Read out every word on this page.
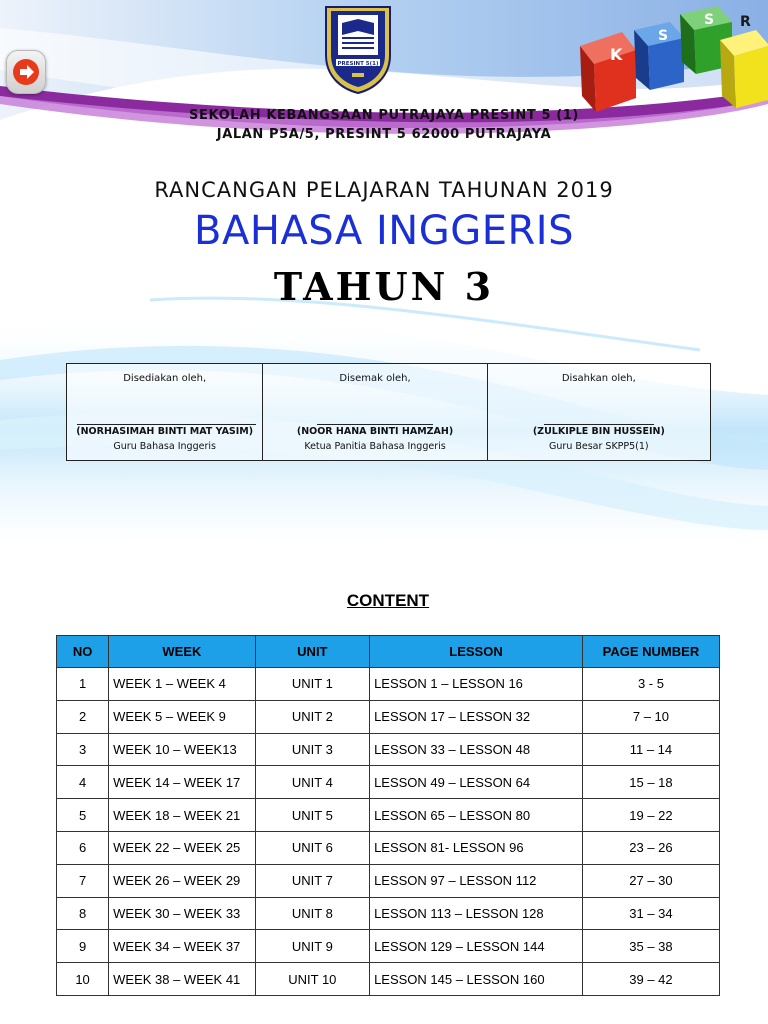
PRESINT 5(1)	K
S
S R
SEKOLAH KEBANGSAAN PUTRAJAYA PRESINT 5 (1)
JALAN P5A/5, PRESINT 5 62000 PUTRAJAYA
RANCANGAN PELAJARAN TAHUNAN 2019
BAHASA INGGERIS
TAHUN 3
Disediakan oleh,
(NORHASIMAH BINTI MAT YASIM)
Guru Bahasa Inggeris

Disemak oleh,
(NOOR HANA BINTI HAMZAH)
Ketua Panitia Bahasa Inggeris

Disahkan oleh,
(ZULKIPLE BIN HUSSEIN)
Guru Besar SKPP5(1)
CONTENT
NO	WEEK	UNIT	LESSON	PAGE NUMBER
1	WEEK 1 – WEEK 4	UNIT 1	LESSON 1 – LESSON 16	3 - 5
2	WEEK 5 – WEEK 9	UNIT 2	LESSON 17 – LESSON 32	7 – 10
3	WEEK 10 – WEEK13	UNIT 3	LESSON 33 – LESSON 48	11 – 14
4	WEEK 14 – WEEK 17	UNIT 4	LESSON 49 – LESSON 64	15 – 18
5	WEEK 18 – WEEK 21	UNIT 5	LESSON 65 – LESSON 80	19 – 22
6	WEEK 22 – WEEK 25	UNIT 6	LESSON 81- LESSON 96	23 – 26
7	WEEK 26 – WEEK 29	UNIT 7	LESSON 97 – LESSON 112	27 – 30
8	WEEK 30 – WEEK 33	UNIT 8	LESSON 113 – LESSON 128	31 – 34
9	WEEK 34 – WEEK 37	UNIT 9	LESSON 129 – LESSON 144	35 – 38
10	WEEK 38 – WEEK 41	UNIT 10	LESSON 145 – LESSON 160	39 – 42
